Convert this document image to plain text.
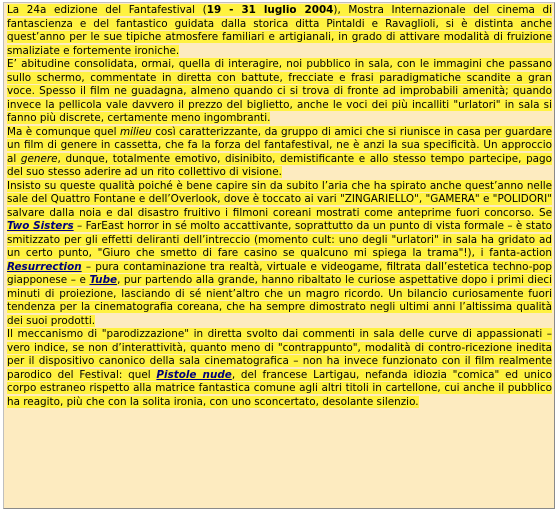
La 24a edizione del Fantafestival (19 - 31 luglio 2004), Mostra Internazionale del cinema di fantascienza e del fantastico guidata dalla storica ditta Pintaldi e Ravaglioli, si è distinta anche quest’anno per le sue tipiche atmosfere familiari e artigianali, in grado di attivare modalità di fruizione smaliziate e fortemente ironiche.

E’ abitudine consolidata, ormai, quella di interagire, noi pubblico in sala, con le immagini che passano sullo schermo, commentate in diretta con battute, frecciate e frasi paradigmatiche scandite a gran voce. Spesso il film ne guadagna, almeno quando ci si trova di fronte ad improbabili amenità; quando invece la pellicola vale davvero il prezzo del biglietto, anche le voci dei più incalliti "urlatori" in sala si fanno più discrete, certamente meno ingombranti.

Ma è comunque quel milieu così caratterizzante, da gruppo di amici che si riunisce in casa per guardare un film di genere in cassetta, che fa la forza del fantafestival, ne è anzi la sua specificità. Un approccio al genere, dunque, totalmente emotivo, disinibito, demistificante e allo stesso tempo partecipe, pago del suo stesso aderire ad un rito collettivo di visione.

Insisto su queste qualità poiché è bene capire sin da subito l’aria che ha spirato anche quest’anno nelle sale del Quattro Fontane e dell’Overlook, dove è toccato ai vari "ZINGARIELLO", "GAMERA" e "POLIDORI" salvare dalla noia e dal disastro fruitivo i filmoni coreani mostrati come anteprime fuori concorso. Se Two Sisters – FarEast horror in sé molto accattivante, soprattutto da un punto di vista formale – è stato smitizzato per gli effetti deliranti dell’intreccio (momento cult: uno degli "urlatori" in sala ha gridato ad un certo punto, "Giuro che smetto di fare casino se qualcuno mi spiega la trama"!), i fanta-action Resurrection – pura contaminazione tra realtà, virtuale e videogame, filtrata dall’estetica techno-pop giapponese – e Tube, pur partendo alla grande, hanno ribaltato le curiose aspettative dopo i primi dieci minuti di proiezione, lasciando di sé nient’altro che un magro ricordo. Un bilancio curiosamente fuori tendenza per la cinematografia coreana, che ha sempre dimostrato negli ultimi anni l’altissima qualità dei suoi prodotti.

Il meccanismo di "parodizzazione" in diretta svolto dai commenti in sala delle curve di appassionati – vero indice, se non d’interattività, quanto meno di "contrappunto", modalità di contro-ricezione inedita per il dispositivo canonico della sala cinematografica – non ha invece funzionato con il film realmente parodico del Festival: quel Pistole nude, del francese Lartigau, nefanda idiozia "comica" ed unico corpo estraneo rispetto alla matrice fantastica comune agli altri titoli in cartellone, cui anche il pubblico ha reagito, più che con la solita ironia, con uno sconcertato, desolante silenzio.
